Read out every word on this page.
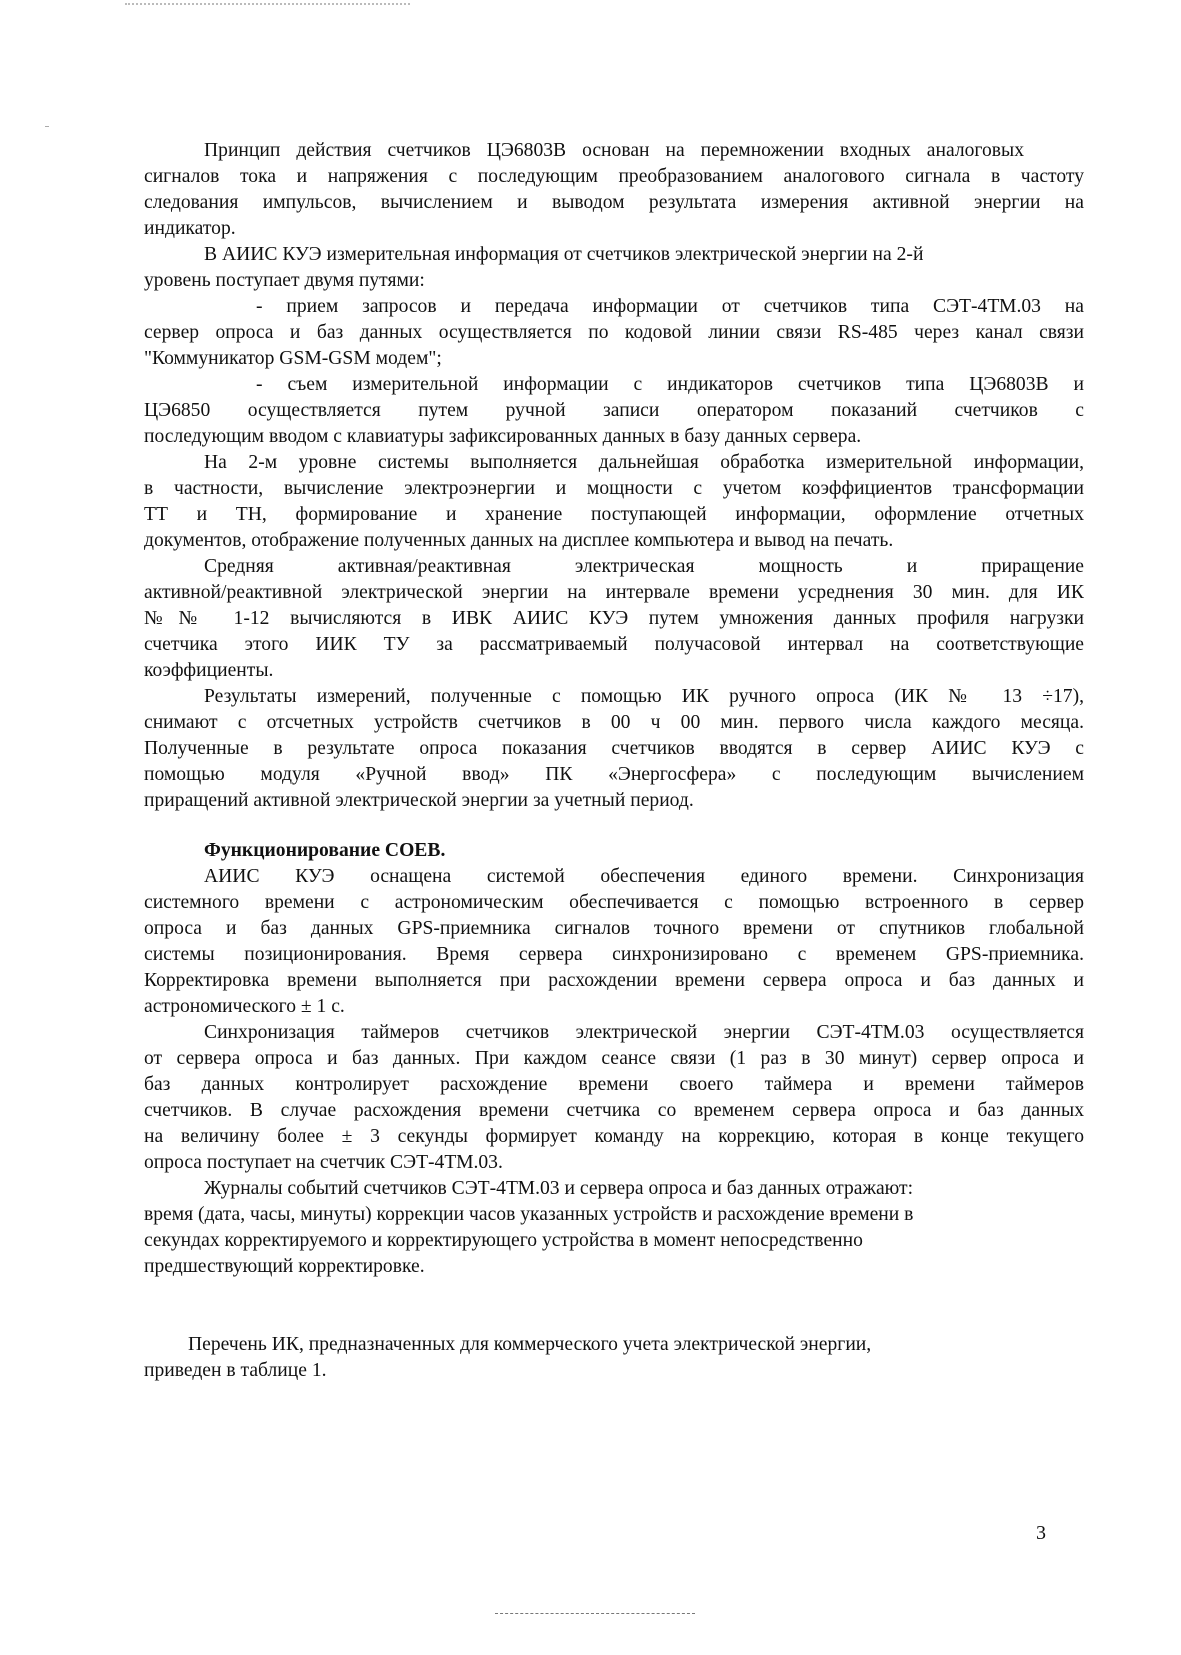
Принцип действия счетчиков ЦЭ6803В основан на перемножении входных аналоговых
сигналов тока и напряжения с последующим преобразованием аналогового сигнала в частоту
следования импульсов, вычислением и выводом результата измерения активной энергии на
индикатор.
В АИИС КУЭ измерительная информация от счетчиков электрической энергии на 2-й
уровень поступает двумя путями:
- прием запросов и передача информации от счетчиков типа СЭТ-4ТМ.03 на
сервер опроса и баз данных осуществляется по кодовой линии связи RS-485 через канал связи
"Коммуникатор GSM-GSM модем";
- съем измерительной информации с индикаторов счетчиков типа ЦЭ6803В и
ЦЭ6850 осуществляется путем ручной записи оператором показаний счетчиков с
последующим вводом с клавиатуры зафиксированных данных в базу данных сервера.
На 2-м уровне системы выполняется дальнейшая обработка измерительной информации,
в частности, вычисление электроэнергии и мощности с учетом коэффициентов трансформации
ТТ и ТН, формирование и хранение поступающей информации, оформление отчетных
документов, отображение полученных данных на дисплее компьютера и вывод на печать.
Средняя активная/реактивная электрическая мощность и приращение
активной/реактивной электрической энергии на интервале времени усреднения 30 мин. для ИК
№№ 1-12 вычисляются в ИВК АИИС КУЭ путем умножения данных профиля нагрузки
счетчика этого ИИК ТУ за рассматриваемый получасовой интервал на соответствующие
коэффициенты.
Результаты измерений, полученные с помощью ИК ручного опроса (ИК № 13 ÷17),
снимают с отсчетных устройств счетчиков в 00 ч 00 мин. первого числа каждого месяца.
Полученные в результате опроса показания счетчиков вводятся в сервер АИИС КУЭ с
помощью модуля «Ручной ввод» ПК «Энергосфера» с последующим вычислением
приращений активной электрической энергии за учетный период.
Функционирование СОЕВ.
АИИС КУЭ оснащена системой обеспечения единого времени. Синхронизация
системного времени с астрономическим обеспечивается с помощью встроенного в сервер
опроса и баз данных GPS-приемника сигналов точного времени от спутников глобальной
системы позиционирования. Время сервера синхронизировано с временем GPS-приемника.
Корректировка времени выполняется при расхождении времени сервера опроса и баз данных и
астрономического ± 1 с.
Синхронизация таймеров счетчиков электрической энергии СЭТ-4ТМ.03 осуществляется
от сервера опроса и баз данных. При каждом сеансе связи (1 раз в 30 минут) сервер опроса и
баз данных контролирует расхождение времени своего таймера и времени таймеров
счетчиков. В случае расхождения времени счетчика со временем сервера опроса и баз данных
на величину более ± 3 секунды формирует команду на коррекцию, которая в конце текущего
опроса поступает на счетчик СЭТ-4ТМ.03.
Журналы событий счетчиков СЭТ-4ТМ.03 и сервера опроса и баз данных отражают:
время (дата, часы, минуты) коррекции часов указанных устройств и расхождение времени в
секундах корректируемого и корректирующего устройства в момент непосредственно
предшествующий корректировке.
Перечень ИК, предназначенных для коммерческого учета электрической энергии,
приведен в таблице 1.
3
